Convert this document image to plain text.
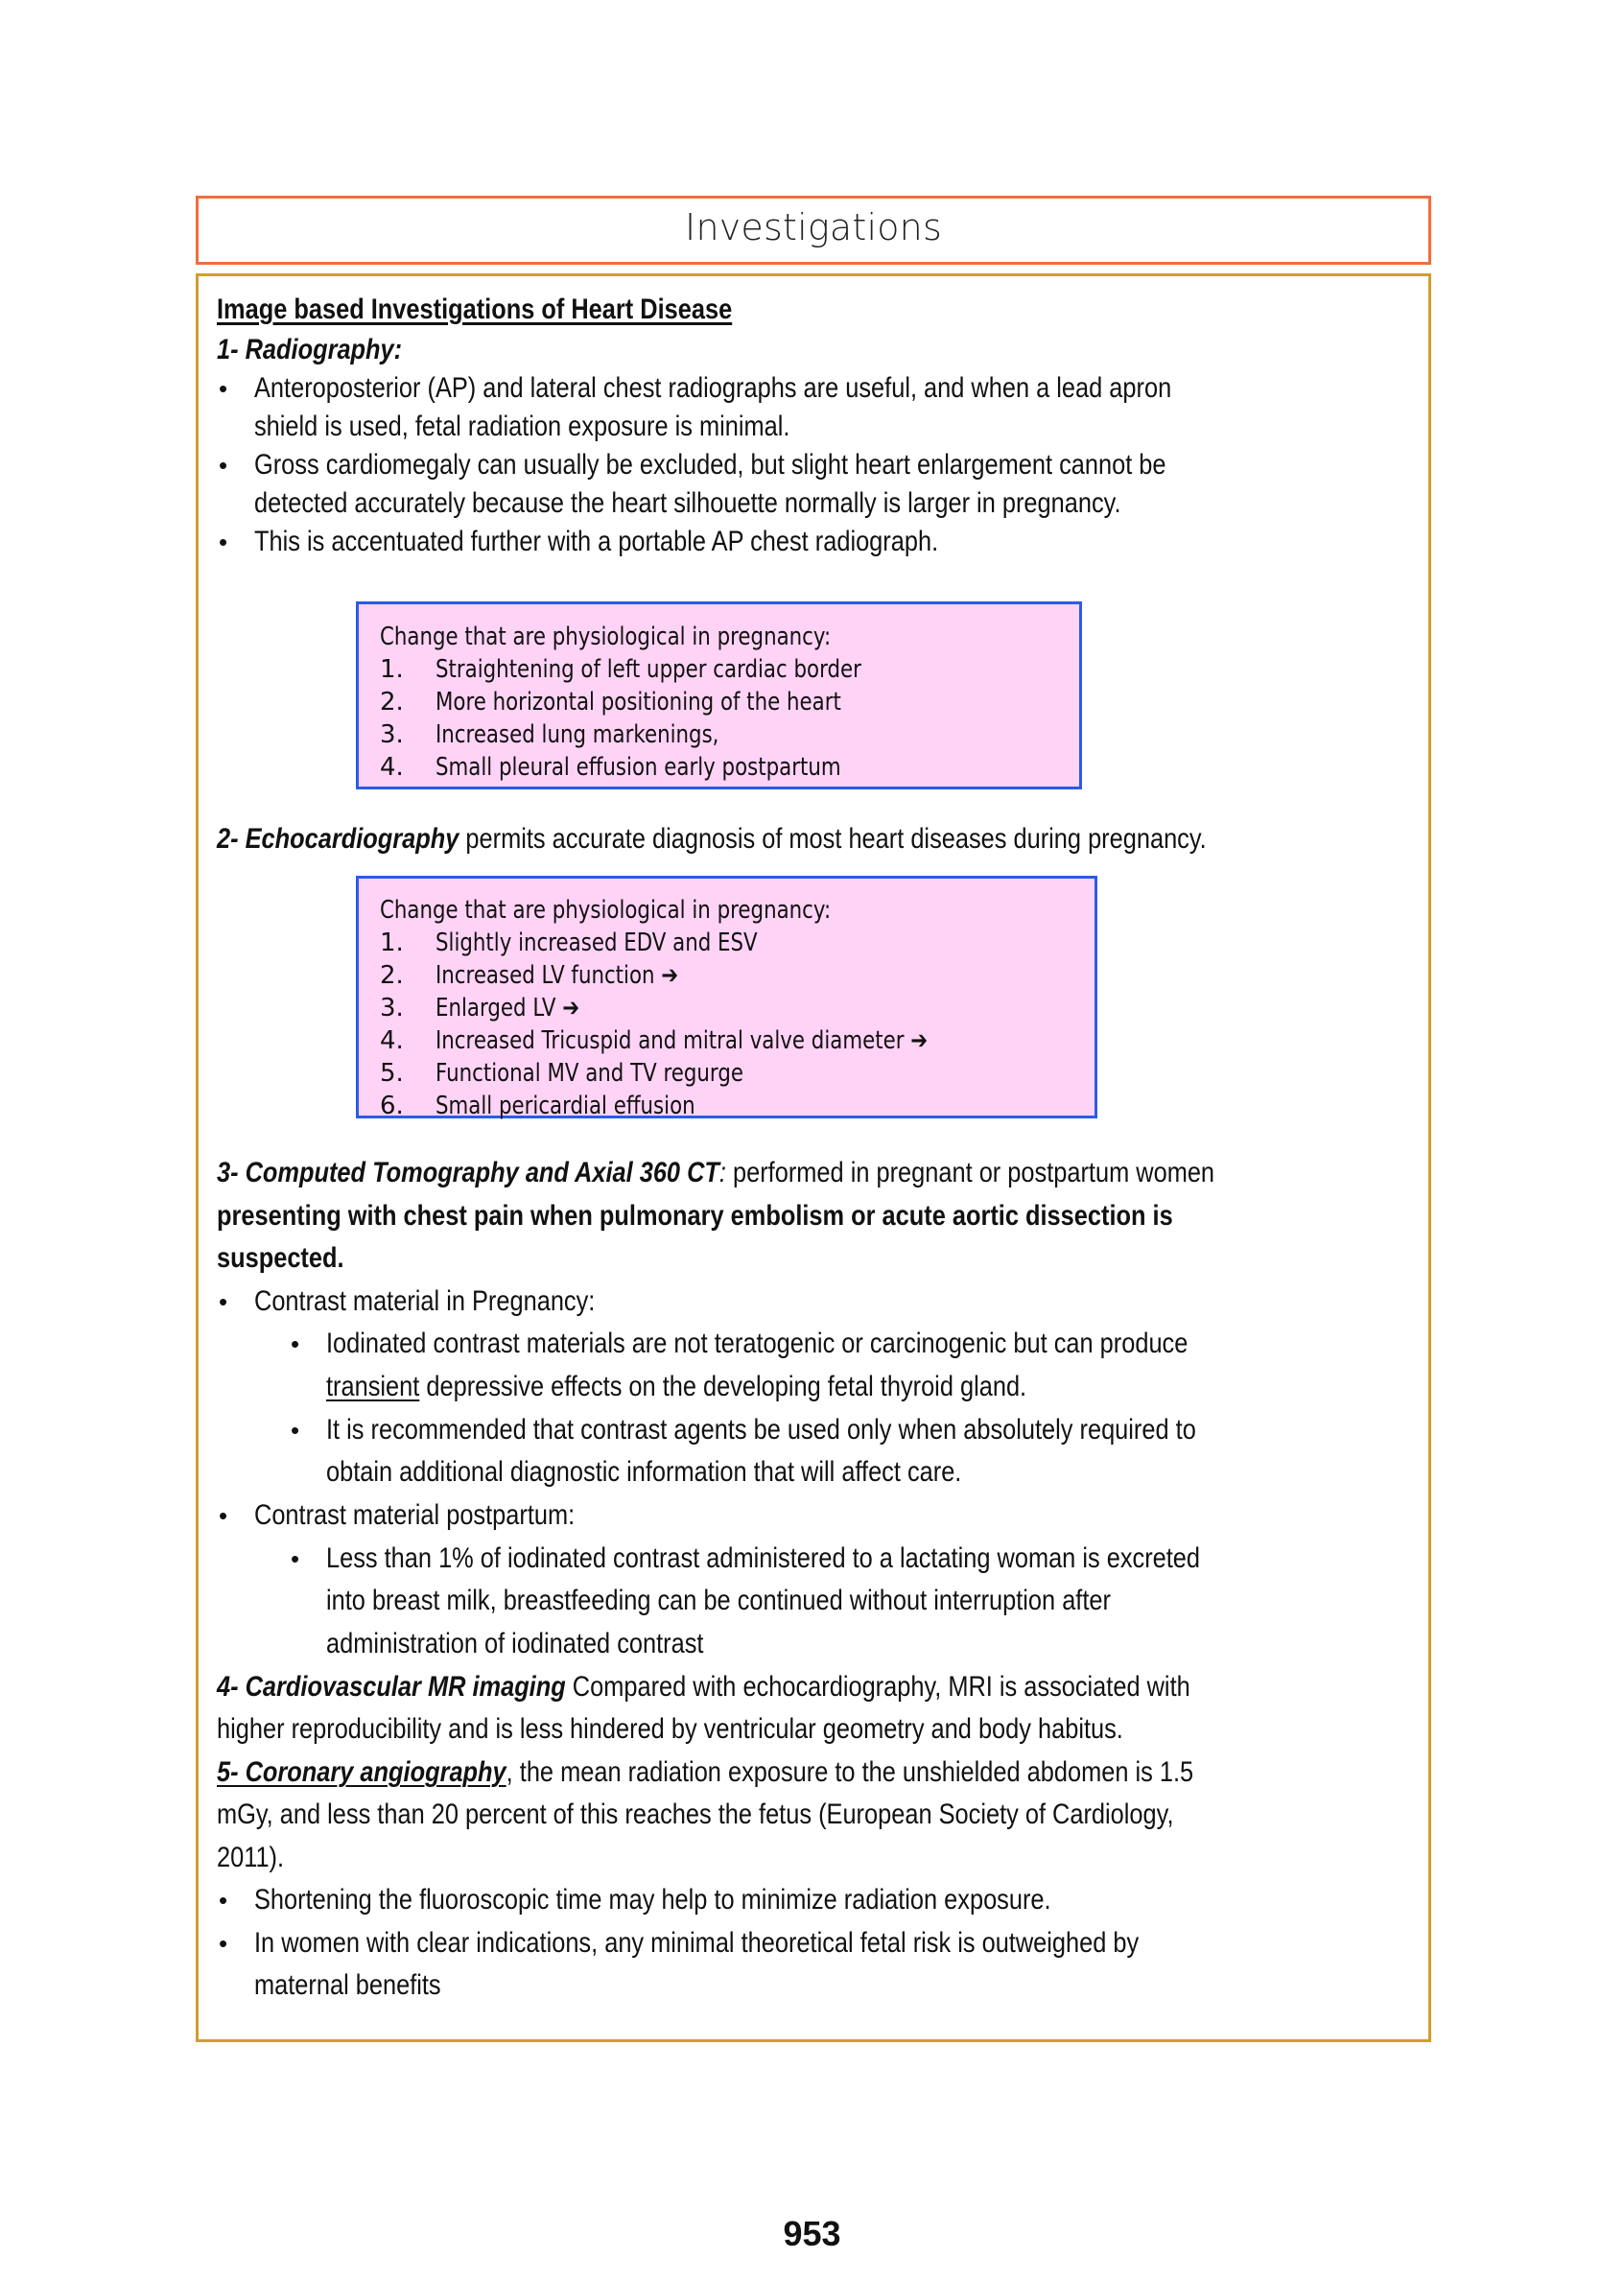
Investigations
Image based Investigations of Heart Disease
1- Radiography:
• Anteroposterior (AP) and lateral chest radiographs are useful, and when a lead apron
shield is used, fetal radiation exposure is minimal.
• Gross cardiomegaly can usually be excluded, but slight heart enlargement cannot be
detected accurately because the heart silhouette normally is larger in pregnancy.
• This is accentuated further with a portable AP chest radiograph.
Change that are physiological in pregnancy:
1. Straightening of left upper cardiac border
2. More horizontal positioning of the heart
3. Increased lung markenings,
4. Small pleural effusion early postpartum
2- Echocardiography permits accurate diagnosis of most heart diseases during pregnancy.
Change that are physiological in pregnancy:
1. Slightly increased EDV and ESV
2. Increased LV function ➔
3. Enlarged LV ➔
4. Increased Tricuspid and mitral valve diameter ➔
5. Functional MV and TV regurge
6. Small pericardial effusion
3- Computed Tomography and Axial 360 CT: performed in pregnant or postpartum women
presenting with chest pain when pulmonary embolism or acute aortic dissection is
suspected.
• Contrast material in Pregnancy:
• Iodinated contrast materials are not teratogenic or carcinogenic but can produce
transient depressive effects on the developing fetal thyroid gland.
• It is recommended that contrast agents be used only when absolutely required to
obtain additional diagnostic information that will affect care.
• Contrast material postpartum:
• Less than 1% of iodinated contrast administered to a lactating woman is excreted
into breast milk, breastfeeding can be continued without interruption after
administration of iodinated contrast
4- Cardiovascular MR imaging Compared with echocardiography, MRI is associated with
higher reproducibility and is less hindered by ventricular geometry and body habitus.
5- Coronary angiography, the mean radiation exposure to the unshielded abdomen is 1.5
mGy, and less than 20 percent of this reaches the fetus (European Society of Cardiology,
2011).
• Shortening the fluoroscopic time may help to minimize radiation exposure.
• In women with clear indications, any minimal theoretical fetal risk is outweighed by
maternal benefits
953
